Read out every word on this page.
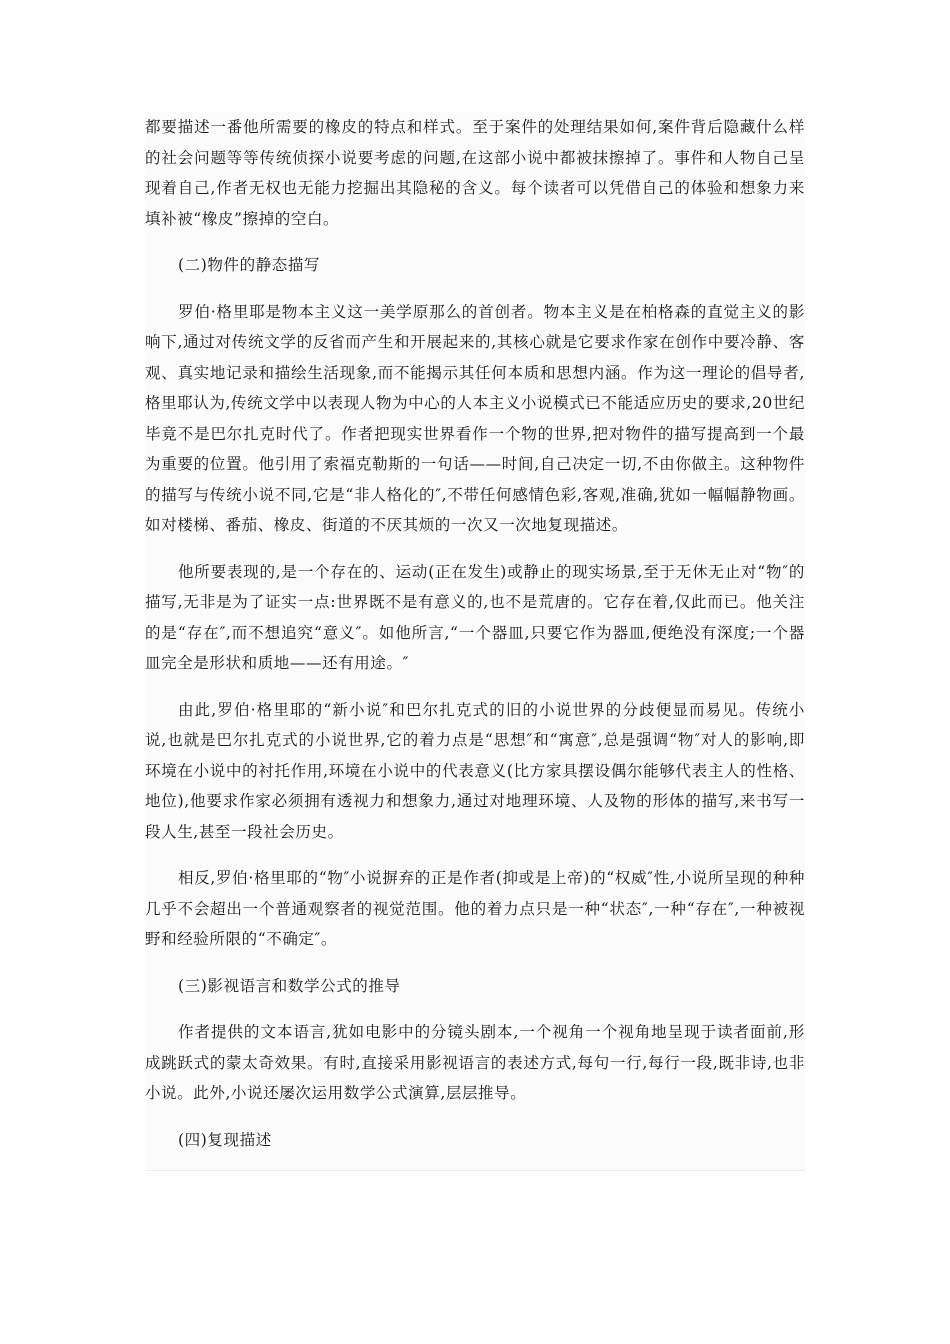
都要描述一番他所需要的橡皮的特点和样式。至于案件的处理结果如何,案件背后隐藏什么样的社会问题等等传统侦探小说要考虑的问题,在这部小说中都被抹擦掉了。事件和人物自己呈现着自己,作者无权也无能力挖掘出其隐秘的含义。每个读者可以凭借自己的体验和想象力来填补被“橡皮”擦掉的空白。

(二)物件的静态描写

罗伯·格里耶是物本主义这一美学原那么的首创者。物本主义是在柏格森的直觉主义的影响下,通过对传统文学的反省而产生和开展起来的,其核心就是它要求作家在创作中要冷静、客观、真实地记录和描绘生活现象,而不能揭示其任何本质和思想内涵。作为这一理论的倡导者,格里耶认为,传统文学中以表现人物为中心的人本主义小说模式已不能适应历史的要求,20世纪毕竟不是巴尔扎克时代了。作者把现实世界看作一个物的世界,把对物件的描写提高到一个最为重要的位置。他引用了索福克勒斯的一句话——时间,自己决定一切,不由你做主。这种物件的描写与传统小说不同,它是“非人格化的″,不带任何感情色彩,客观,准确,犹如一幅幅静物画。如对楼梯、番茄、橡皮、街道的不厌其烦的一次又一次地复现描述。

他所要表现的,是一个存在的、运动(正在发生)或静止的现实场景,至于无休无止对“物″的描写,无非是为了证实一点:世界既不是有意义的,也不是荒唐的。它存在着,仅此而已。他关注的是“存在″,而不想追究“意义″。如他所言,“一个器皿,只要它作为器皿,便绝没有深度;一个器皿完全是形状和质地——还有用途。″

由此,罗伯·格里耶的“新小说″和巴尔扎克式的旧的小说世界的分歧便显而易见。传统小说,也就是巴尔扎克式的小说世界,它的着力点是“思想″和“寓意″,总是强调“物″对人的影响,即环境在小说中的衬托作用,环境在小说中的代表意义(比方家具摆设偶尔能够代表主人的性格、地位),他要求作家必须拥有透视力和想象力,通过对地理环境、人及物的形体的描写,来书写一段人生,甚至一段社会历史。

相反,罗伯·格里耶的“物″小说摒弃的正是作者(抑或是上帝)的“权威″性,小说所呈现的种种几乎不会超出一个普通观察者的视觉范围。他的着力点只是一种“状态″,一种“存在″,一种被视野和经验所限的“不确定″。

(三)影视语言和数学公式的推导

作者提供的文本语言,犹如电影中的分镜头剧本,一个视角一个视角地呈现于读者面前,形成跳跃式的蒙太奇效果。有时,直接采用影视语言的表述方式,每句一行,每行一段,既非诗,也非小说。此外,小说还屡次运用数学公式演算,层层推导。

(四)复现描述
